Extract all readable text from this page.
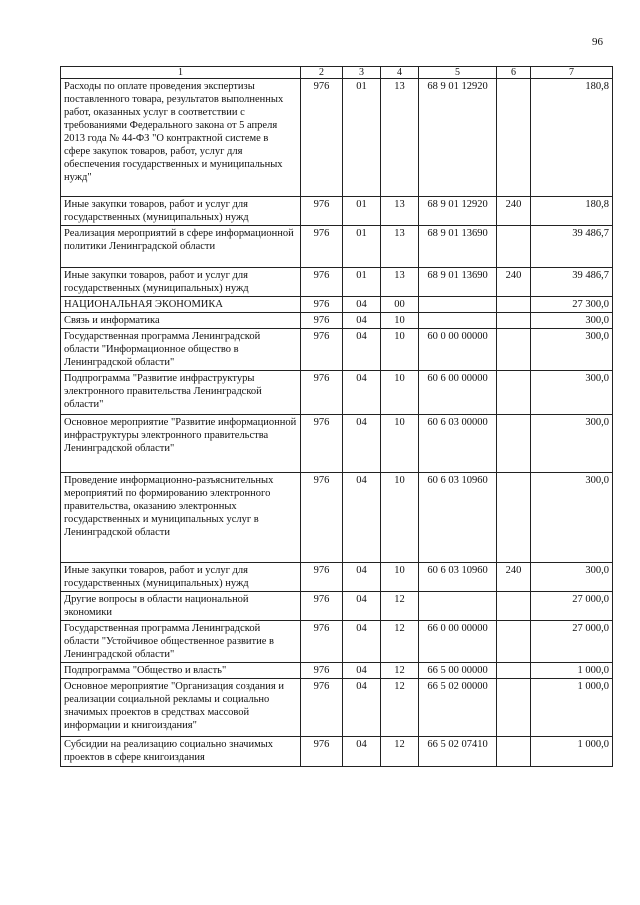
96
1	2	3	4	5	6	7
Расходы по оплате проведения экспертизы поставленного товара, результатов выполненных работ, оказанных услуг в соответствии с требованиями Федерального закона от 5 апреля 2013 года № 44-ФЗ "О контрактной системе в сфере закупок товаров, работ, услуг для обеспечения государственных и муниципальных нужд"	976	01	13	68 9 01 12920		180,8
Иные закупки товаров, работ и услуг для государственных (муниципальных) нужд	976	01	13	68 9 01 12920	240	180,8
Реализация мероприятий в сфере информационной политики Ленинградской области	976	01	13	68 9 01 13690		39 486,7
Иные закупки товаров, работ и услуг для государственных (муниципальных) нужд	976	01	13	68 9 01 13690	240	39 486,7
НАЦИОНАЛЬНАЯ ЭКОНОМИКА	976	04	00			27 300,0
Связь и информатика	976	04	10			300,0
Государственная программа Ленинградской области "Информационное общество в Ленинградской области"	976	04	10	60 0 00 00000		300,0
Подпрограмма "Развитие инфраструктуры электронного правительства Ленинградской области"	976	04	10	60 6 00 00000		300,0
Основное мероприятие "Развитие информационной инфраструктуры электронного правительства Ленинградской области"	976	04	10	60 6 03 00000		300,0
Проведение информационно-разъяснительных мероприятий по формированию электронного правительства, оказанию электронных государственных и муниципальных услуг в Ленинградской области	976	04	10	60 6 03 10960		300,0
Иные закупки товаров, работ и услуг для государственных (муниципальных) нужд	976	04	10	60 6 03 10960	240	300,0
Другие вопросы в области национальной экономики	976	04	12			27 000,0
Государственная программа Ленинградской области "Устойчивое общественное развитие в Ленинградской области"	976	04	12	66 0 00 00000		27 000,0
Подпрограмма "Общество и власть"	976	04	12	66 5 00 00000		1 000,0
Основное мероприятие "Организация создания и реализации социальной рекламы и социально значимых проектов в средствах массовой информации и книгоиздания"	976	04	12	66 5 02 00000		1 000,0
Субсидии на реализацию социально значимых проектов в сфере книгоиздания	976	04	12	66 5 02 07410		1 000,0
